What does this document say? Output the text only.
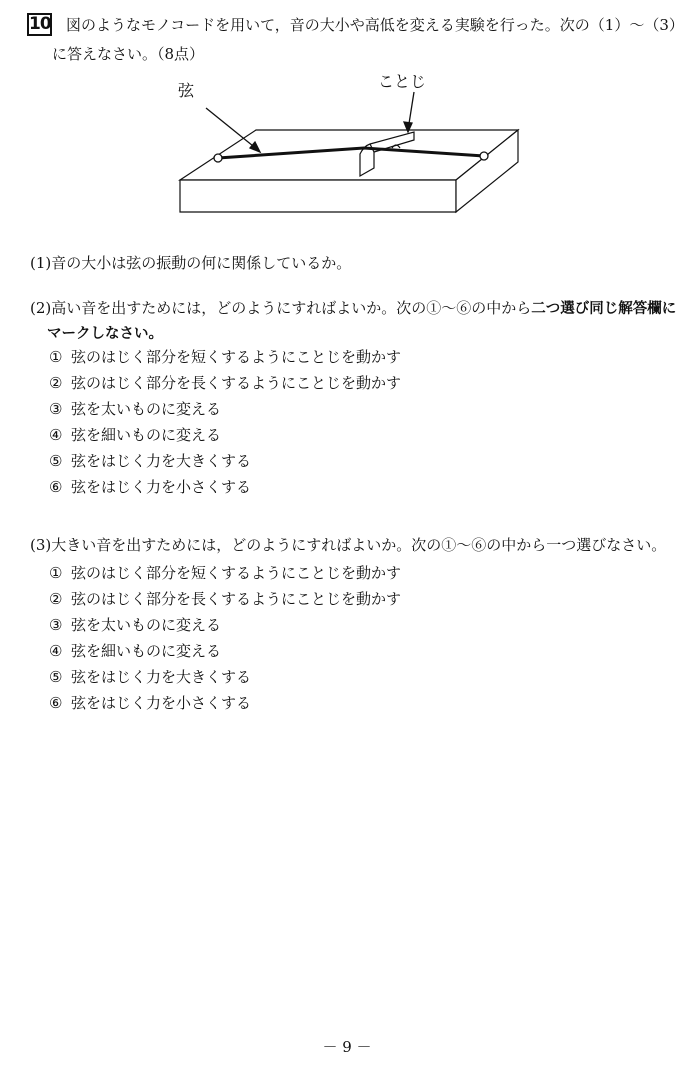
10 図のようなモノコードを用いて，音の大小や高低を変える実験を行った。次の（1）～（3）
に答えなさい。（8点）
弦	ことじ
(1)音の大小は弦の振動の何に関係しているか。
(2)高い音を出すためには，どのようにすればよいか。次の①～⑥の中から二つ選び同じ解答欄に
マークしなさい。
① 弦のはじく部分を短くするようにことじを動かす
② 弦のはじく部分を長くするようにことじを動かす
③ 弦を太いものに変える
④ 弦を細いものに変える
⑤ 弦をはじく力を大きくする
⑥ 弦をはじく力を小さくする
(3)大きい音を出すためには，どのようにすればよいか。次の①～⑥の中から一つ選びなさい。
① 弦のはじく部分を短くするようにことじを動かす
② 弦のはじく部分を長くするようにことじを動かす
③ 弦を太いものに変える
④ 弦を細いものに変える
⑤ 弦をはじく力を大きくする
⑥ 弦をはじく力を小さくする
－ 9 －
